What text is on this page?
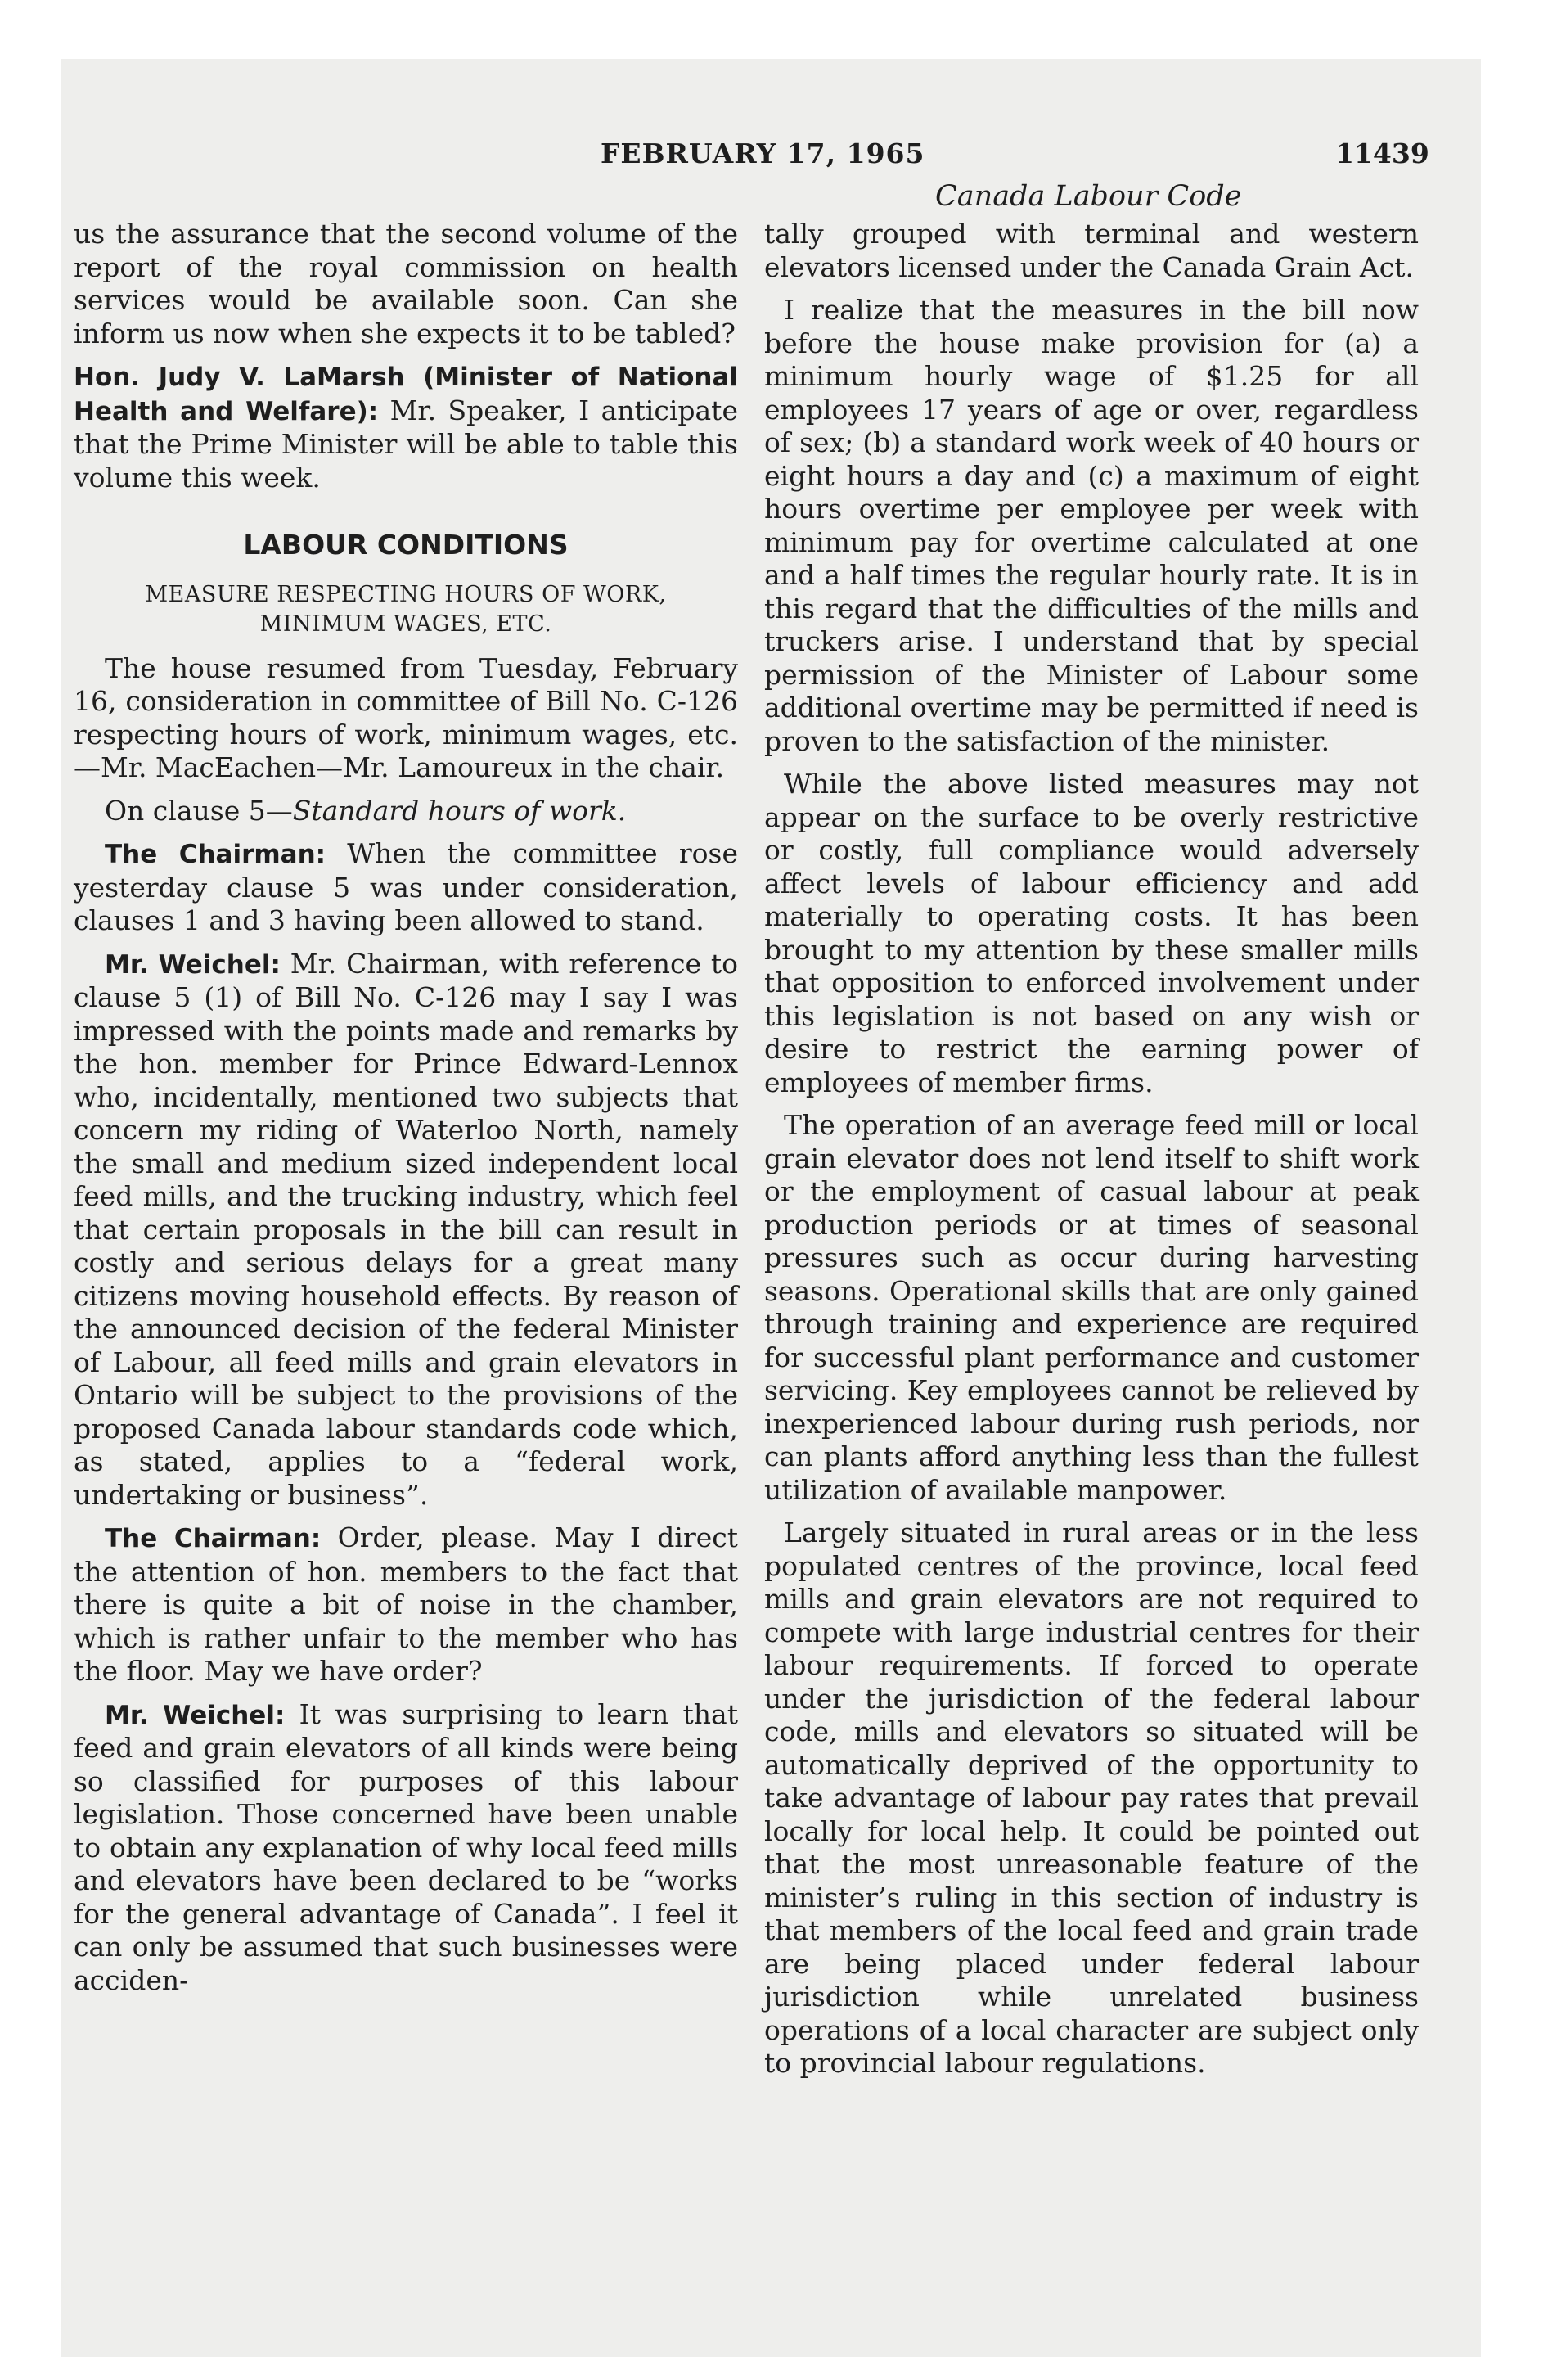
FEBRUARY 17, 1965	11439
Canada Labour Code

us the assurance that the second volume of the report of the royal commission on health services would be available soon. Can she inform us now when she expects it to be tabled?

Hon. Judy V. LaMarsh (Minister of National Health and Welfare): Mr. Speaker, I anticipate that the Prime Minister will be able to table this volume this week.

LABOUR CONDITIONS
MEASURE RESPECTING HOURS OF WORK,
MINIMUM WAGES, ETC.

The house resumed from Tuesday, February 16, consideration in committee of Bill No. C-126 respecting hours of work, minimum wages, etc.—Mr. MacEachen—Mr. Lamoureux in the chair.

On clause 5—Standard hours of work.

The Chairman: When the committee rose yesterday clause 5 was under consideration, clauses 1 and 3 having been allowed to stand.

Mr. Weichel: Mr. Chairman, with reference to clause 5 (1) of Bill No. C-126 may I say I was impressed with the points made and remarks by the hon. member for Prince Edward-Lennox who, incidentally, mentioned two subjects that concern my riding of Waterloo North, namely the small and medium sized independent local feed mills, and the trucking industry, which feel that certain proposals in the bill can result in costly and serious delays for a great many citizens moving household effects. By reason of the announced decision of the federal Minister of Labour, all feed mills and grain elevators in Ontario will be subject to the provisions of the proposed Canada labour standards code which, as stated, applies to a “federal work, undertaking or business”.

The Chairman: Order, please. May I direct the attention of hon. members to the fact that there is quite a bit of noise in the chamber, which is rather unfair to the member who has the floor. May we have order?

Mr. Weichel: It was surprising to learn that feed and grain elevators of all kinds were being so classified for purposes of this labour legislation. Those concerned have been unable to obtain any explanation of why local feed mills and elevators have been declared to be “works for the general advantage of Canada”. I feel it can only be assumed that such businesses were acciden-

tally grouped with terminal and western elevators licensed under the Canada Grain Act.

I realize that the measures in the bill now before the house make provision for (a) a minimum hourly wage of $1.25 for all employees 17 years of age or over, regardless of sex; (b) a standard work week of 40 hours or eight hours a day and (c) a maximum of eight hours overtime per employee per week with minimum pay for overtime calculated at one and a half times the regular hourly rate. It is in this regard that the difficulties of the mills and truckers arise. I understand that by special permission of the Minister of Labour some additional overtime may be permitted if need is proven to the satisfaction of the minister.

While the above listed measures may not appear on the surface to be overly restrictive or costly, full compliance would adversely affect levels of labour efficiency and add materially to operating costs. It has been brought to my attention by these smaller mills that opposition to enforced involvement under this legislation is not based on any wish or desire to restrict the earning power of employees of member firms.

The operation of an average feed mill or local grain elevator does not lend itself to shift work or the employment of casual labour at peak production periods or at times of seasonal pressures such as occur during harvesting seasons. Operational skills that are only gained through training and experience are required for successful plant performance and customer servicing. Key employees cannot be relieved by inexperienced labour during rush periods, nor can plants afford anything less than the fullest utilization of available manpower.

Largely situated in rural areas or in the less populated centres of the province, local feed mills and grain elevators are not required to compete with large industrial centres for their labour requirements. If forced to operate under the jurisdiction of the federal labour code, mills and elevators so situated will be automatically deprived of the opportunity to take advantage of labour pay rates that prevail locally for local help. It could be pointed out that the most unreasonable feature of the minister’s ruling in this section of industry is that members of the local feed and grain trade are being placed under federal labour jurisdiction while unrelated business operations of a local character are subject only to provincial labour regulations.
